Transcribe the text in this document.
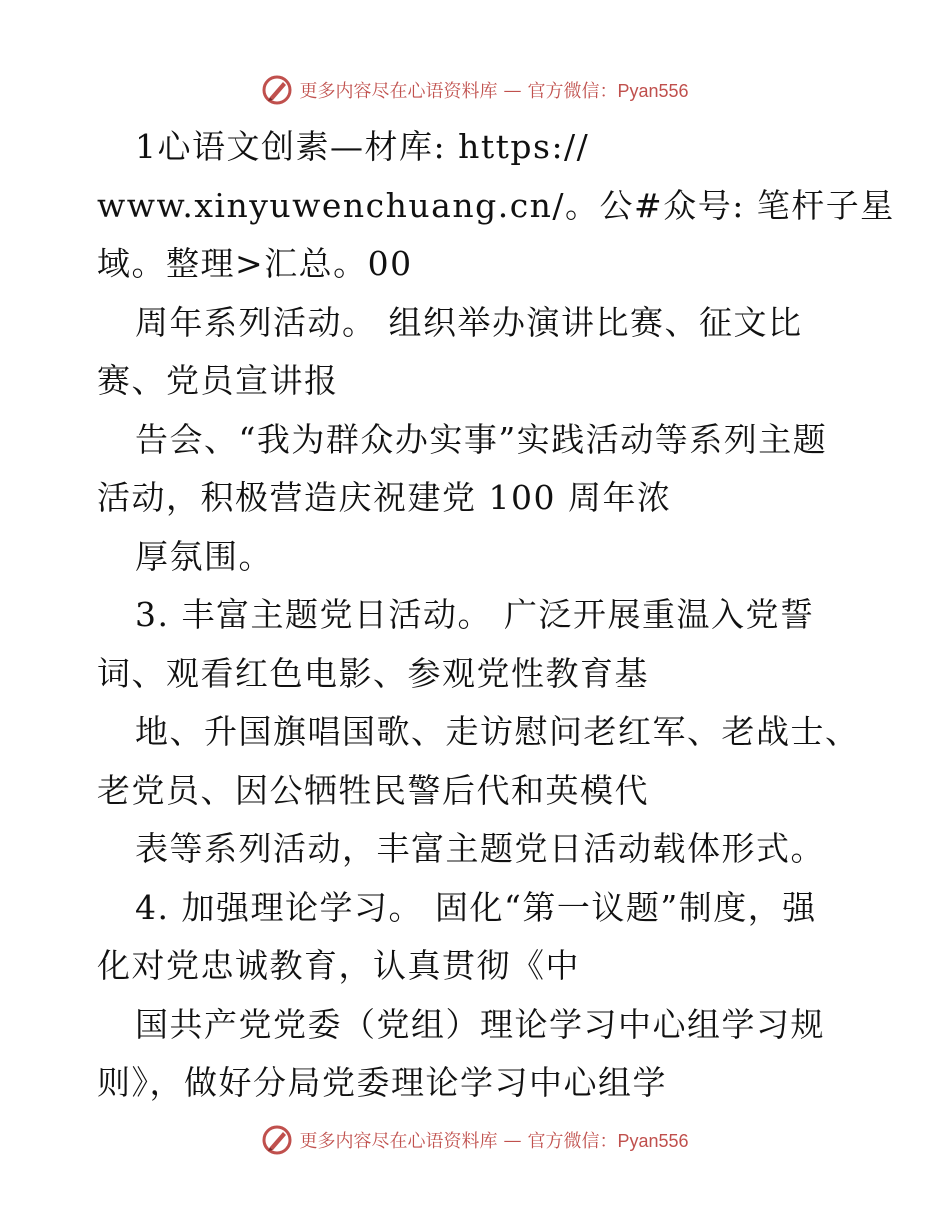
更多内容尽在心语资料库 — 官方微信：Pyan556
1心语文创素—材库: https://
www.xinyuwenchuang.cn/。公#众号: 笔杆子星
域。整理>汇总。00
周年系列活动。 组织举办演讲比赛、征文比
赛、党员宣讲报
告会、“我为群众办实事”实践活动等系列主题
活动，积极营造庆祝建党 100 周年浓
厚氛围。
3. 丰富主题党日活动。 广泛开展重温入党誓
词、观看红色电影、参观党性教育基
地、升国旗唱国歌、走访慰问老红军、老战士、
老党员、因公牺牲民警后代和英模代
表等系列活动，丰富主题党日活动载体形式。
4. 加强理论学习。 固化“第一议题”制度，强
化对党忠诚教育，认真贯彻《中
国共产党党委（党组）理论学习中心组学习规
则》，做好分局党委理论学习中心组学
更多内容尽在心语资料库 — 官方微信：Pyan556
